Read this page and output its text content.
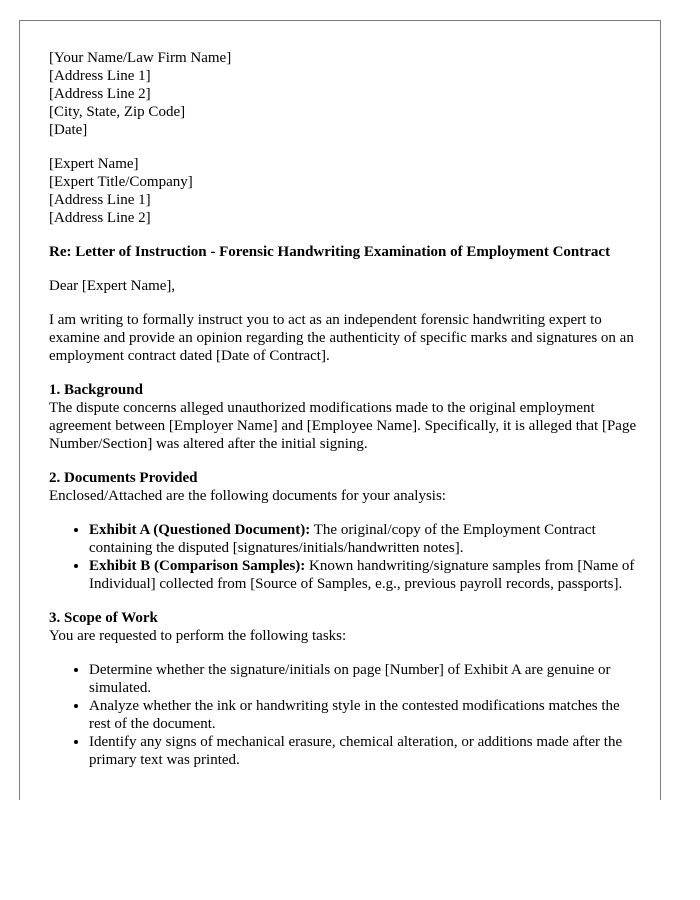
[Your Name/Law Firm Name]
[Address Line 1]
[Address Line 2]
[City, State, Zip Code]
[Date]
[Expert Name]
[Expert Title/Company]
[Address Line 1]
[Address Line 2]

Re: Letter of Instruction - Forensic Handwriting Examination of Employment Contract

Dear [Expert Name],

I am writing to formally instruct you to act as an independent forensic handwriting expert to examine and provide an opinion regarding the authenticity of specific marks and signatures on an employment contract dated [Date of Contract].

1. Background

The dispute concerns alleged unauthorized modifications made to the original employment agreement between [Employer Name] and [Employee Name]. Specifically, it is alleged that [Page Number/Section] was altered after the initial signing.

2. Documents Provided

Enclosed/Attached are the following documents for your analysis:

• Exhibit A (Questioned Document): The original/copy of the Employment Contract containing the disputed [signatures/initials/handwritten notes].
• Exhibit B (Comparison Samples): Known handwriting/signature samples from [Name of Individual] collected from [Source of Samples, e.g., previous payroll records, passports].
3. Scope of Work

You are requested to perform the following tasks:

• Determine whether the signature/initials on page [Number] of Exhibit A are genuine or simulated.
• Analyze whether the ink or handwriting style in the contested modifications matches the rest of the document.
• Identify any signs of mechanical erasure, chemical alteration, or additions made after the primary text was printed.
